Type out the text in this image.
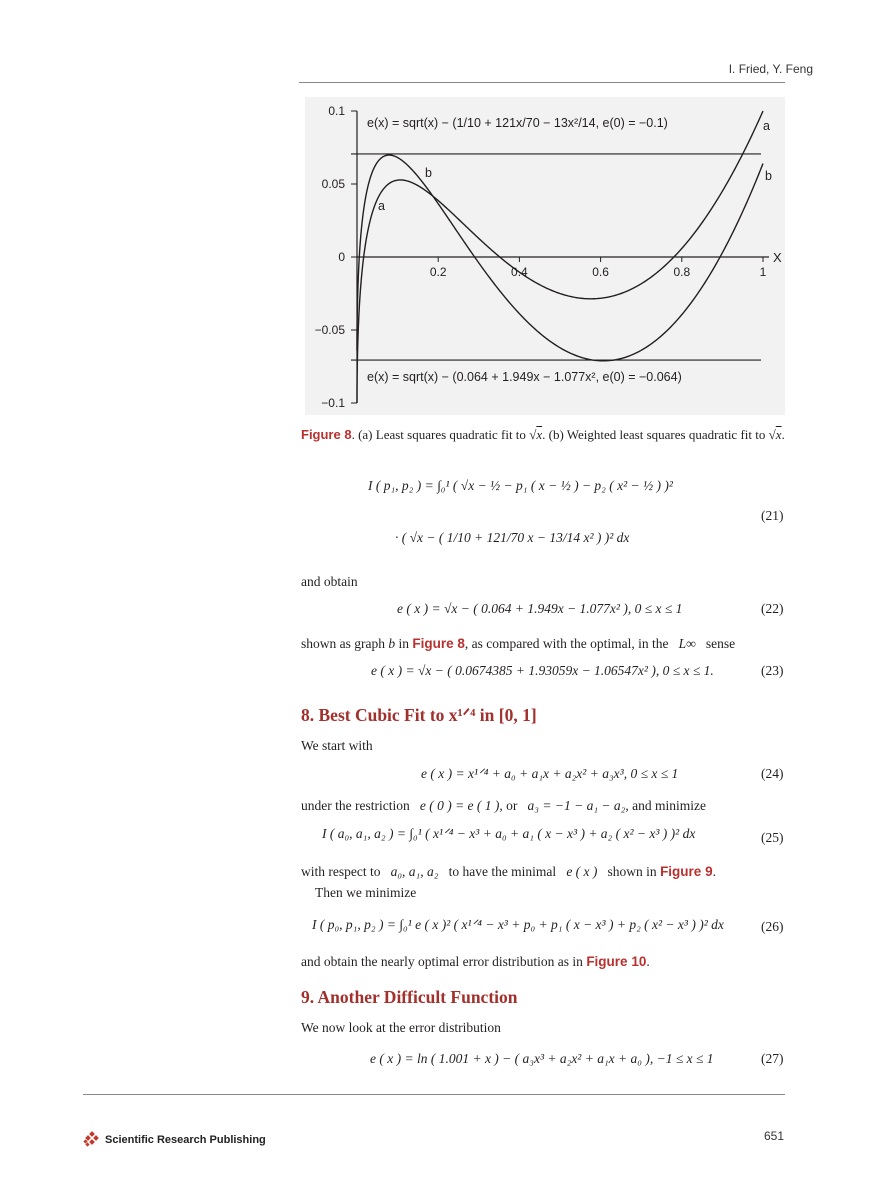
I. Fried, Y. Feng
0.1
0.05
0
−0.05
−0.1
0.2	0.4	0.6	0.8	1
X
e(x) = sqrt(x) − (1/10 + 121x/70 − 13x²/14, e(0) = −0.1)
e(x) = sqrt(x) − (0.064 + 1.949x − 1.077x², e(0) = −0.064)
b
a
a
b
Figure 8. (a) Least squares quadratic fit to √x. (b) Weighted least squares quadratic fit to √x.
I ( p₁, p₂ ) = ∫₀¹ ( √x − ½ − p₁ ( x − ½ ) − p₂ ( x² − ½ ) )²
· ( √x − ( 1/10 + 121/70 x − 13/14 x² ) )² dx
(21)
and obtain
e ( x ) = √x − ( 0.064 + 1.949x − 1.077x² ), 0 ≤ x ≤ 1	(22)
shown as graph b in Figure 8, as compared with the optimal, in the L∞ sense
e ( x ) = √x − ( 0.0674385 + 1.93059x − 1.06547x² ), 0 ≤ x ≤ 1.	(23)
8. Best Cubic Fit to x¹ᐟ⁴ in [0, 1]
We start with
e ( x ) = x¹ᐟ⁴ + a₀ + a₁x + a₂x² + a₃x³, 0 ≤ x ≤ 1	(24)
under the restriction e ( 0 ) = e ( 1 ), or a₃ = −1 − a₁ − a₂, and minimize
I ( a₀, a₁, a₂ ) = ∫₀¹ ( x¹ᐟ⁴ − x³ + a₀ + a₁ ( x − x³ ) + a₂ ( x² − x³ ) )² dx	(25)
with respect to a₀, a₁, a₂ to have the minimal e ( x ) shown in Figure 9.
Then we minimize
I ( p₀, p₁, p₂ ) = ∫₀¹ e ( x )² ( x¹ᐟ⁴ − x³ + p₀ + p₁ ( x − x³ ) + p₂ ( x² − x³ ) )² dx	(26)
and obtain the nearly optimal error distribution as in Figure 10.
9. Another Difficult Function
We now look at the error distribution
e ( x ) = ln ( 1.001 + x ) − ( a₃x³ + a₂x² + a₁x + a₀ ), −1 ≤ x ≤ 1	(27)
Scientific Research Publishing	651
